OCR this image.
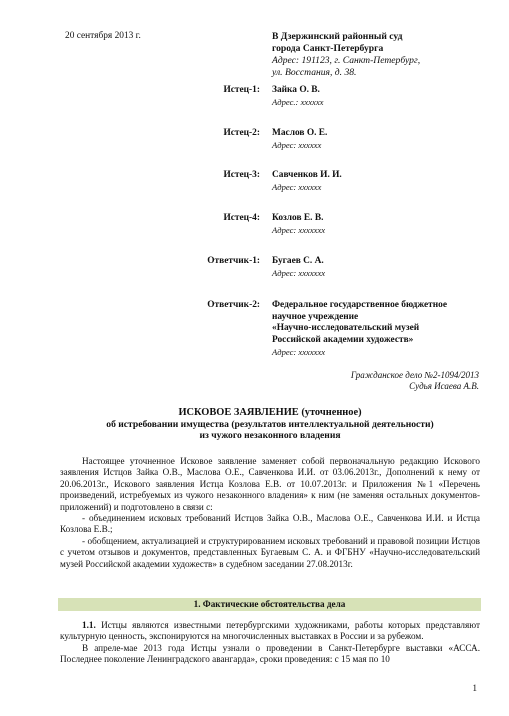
20 сентября 2013 г.	В Дзержинский районный суд
города Санкт-Петербурга
Адрес: 191123, г. Санкт-Петербург,
ул. Восстания, д. 38.
Истец-1: Зайка О. В.
Адрес.: хххххх
Истец-2: Маслов О. Е.
Адрес: хххххх
Истец-3: Савченков И. И.
Адрес: хххххх
Истец-4: Козлов Е. В.
Адрес: ххххххх
Ответчик-1: Бугаев С. А.
Адрес: ххххххх
Ответчик-2: Федеральное государственное бюджетное
научное учреждение
«Научно-исследовательский музей
Российской академии художеств»
Адрес: ххххххх
Гражданское дело №2-1094/2013
Судья Исаева А.В.
ИСКОВОЕ ЗАЯВЛЕНИЕ (уточненное)
об истребовании имущества (результатов интеллектуальной деятельности)
из чужого незаконного владения

Настоящее уточненное Исковое заявление заменяет собой первоначальную редакцию Искового заявления Истцов Зайка О.В., Маслова О.Е., Савченкова И.И. от 03.06.2013г., Дополнений к нему от 20.06.2013г., Искового заявления Истца Козлова Е.В. от 10.07.2013г. и Приложения №1 «Перечень произведений, истребуемых из чужого незаконного владения» к ним (не заменяя остальных документов-приложений) и подготовлено в связи с:

- объединением исковых требований Истцов Зайка О.В., Маслова О.Е., Савченкова И.И. и Истца Козлова Е.В.;

- обобщением, актуализацией и структурированием исковых требований и правовой позиции Истцов с учетом отзывов и документов, представленных Бугаевым С. А. и ФГБНУ «Научно-исследовательский музей Российской академии художеств» в судебном заседании 27.08.2013г.

1. Фактические обстоятельства дела

1.1. Истцы являются известными петербургскими художниками, работы которых представляют культурную ценность, экспонируются на многочисленных выставках в России и за рубежом.

В апреле-мае 2013 года Истцы узнали о проведении в Санкт-Петербурге выставки «АССА. Последнее поколение Ленинградского авангарда», сроки проведения: с 15 мая по 10

1
